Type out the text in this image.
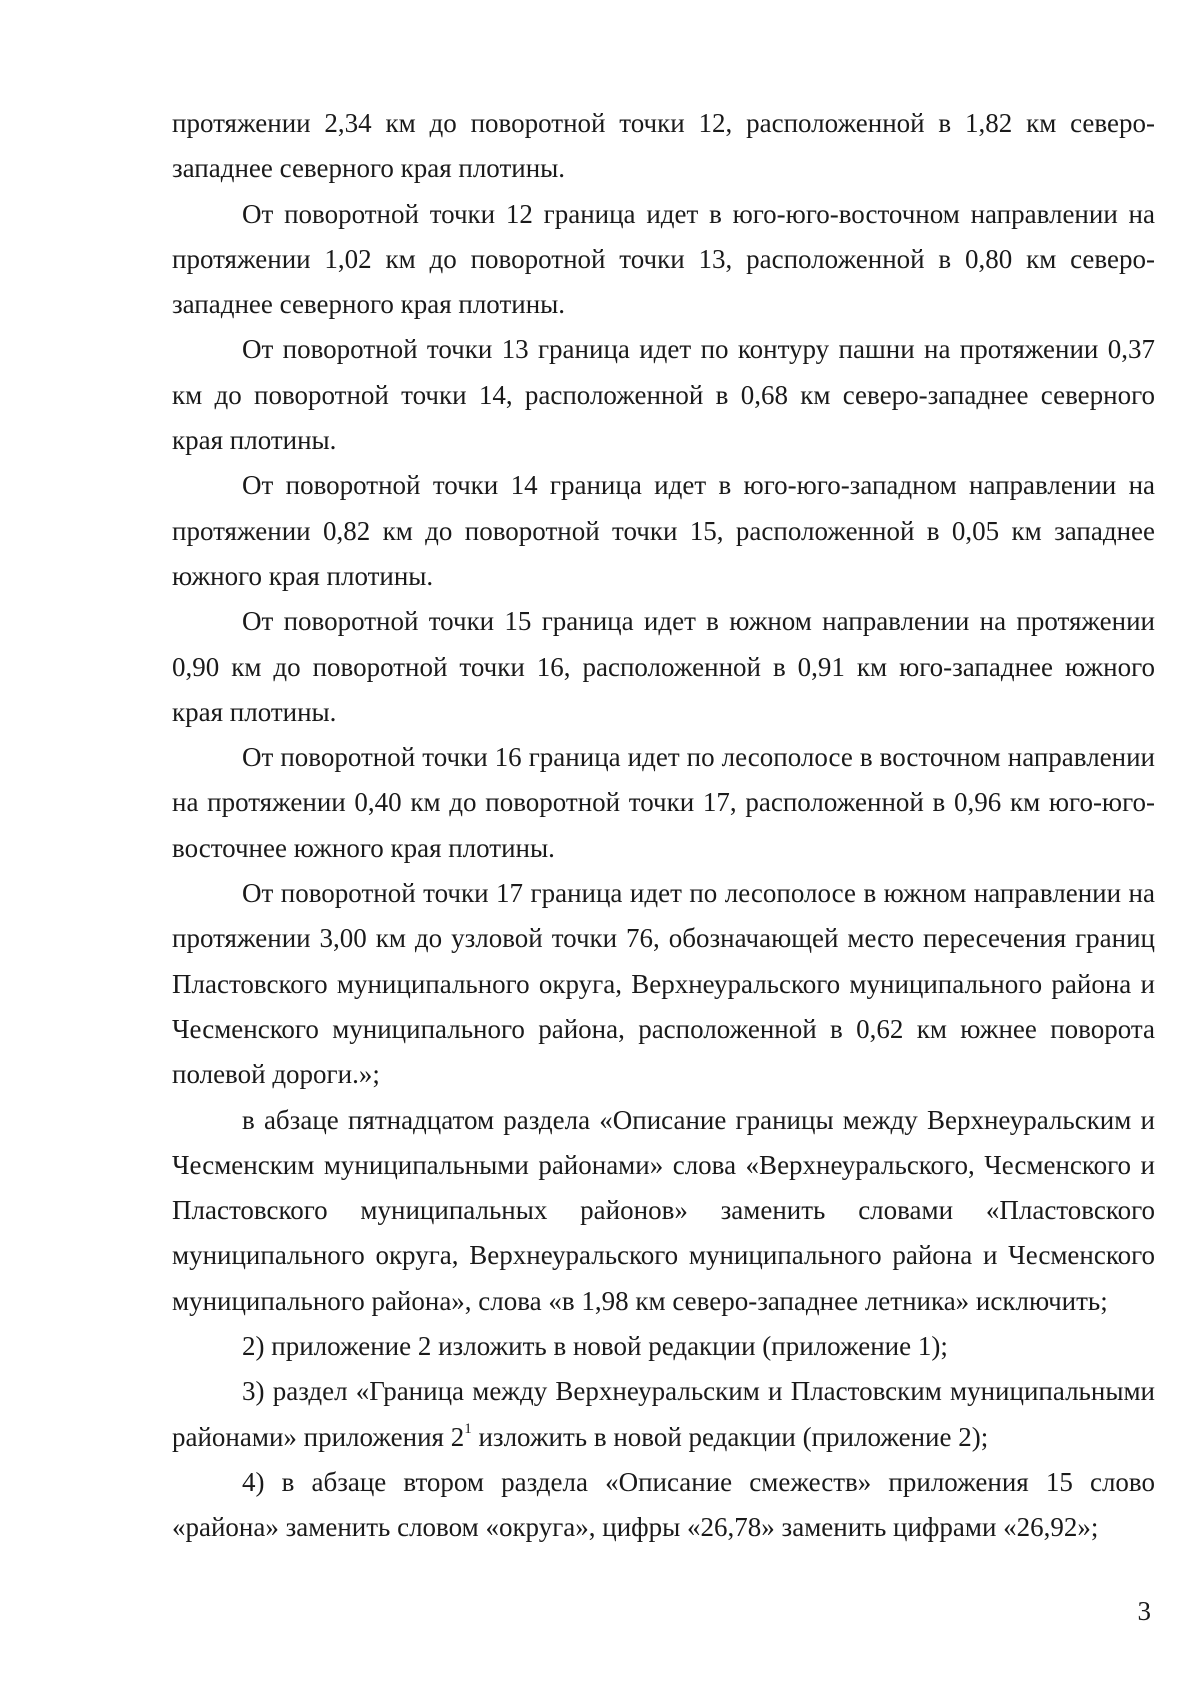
протяжении 2,34 км до поворотной точки 12, расположенной в 1,82 км северо-западнее северного края плотины.

От поворотной точки 12 граница идет в юго-юго-восточном направлении на протяжении 1,02 км до поворотной точки 13, расположенной в 0,80 км северо-западнее северного края плотины.

От поворотной точки 13 граница идет по контуру пашни на протяжении 0,37 км до поворотной точки 14, расположенной в 0,68 км северо-западнее северного края плотины.

От поворотной точки 14 граница идет в юго-юго-западном направлении на протяжении 0,82 км до поворотной точки 15, расположенной в 0,05 км западнее южного края плотины.

От поворотной точки 15 граница идет в южном направлении на протяжении 0,90 км до поворотной точки 16, расположенной в 0,91 км юго-западнее южного края плотины.

От поворотной точки 16 граница идет по лесополосе в восточном направлении на протяжении 0,40 км до поворотной точки 17, расположенной в 0,96 км юго-юго-восточнее южного края плотины.

От поворотной точки 17 граница идет по лесополосе в южном направлении на протяжении 3,00 км до узловой точки 76, обозначающей место пересечения границ Пластовского муниципального округа, Верхнеуральского муниципального района и Чесменского муниципального района, расположенной в 0,62 км южнее поворота полевой дороги.»;

в абзаце пятнадцатом раздела «Описание границы между Верхнеуральским и Чесменским муниципальными районами» слова «Верхнеуральского, Чесменского и Пластовского муниципальных районов» заменить словами «Пластовского муниципального округа, Верхнеуральского муниципального района и Чесменского муниципального района», слова «в 1,98 км северо-западнее летника» исключить;

2) приложение 2 изложить в новой редакции (приложение 1);

3) раздел «Граница между Верхнеуральским и Пластовским муниципальными районами» приложения $2^1$ изложить в новой редакции (приложение 2);

4) в абзаце втором раздела «Описание смежеств» приложения 15 слово «района» заменить словом «округа», цифры «26,78» заменить цифрами «26,92»;

3
